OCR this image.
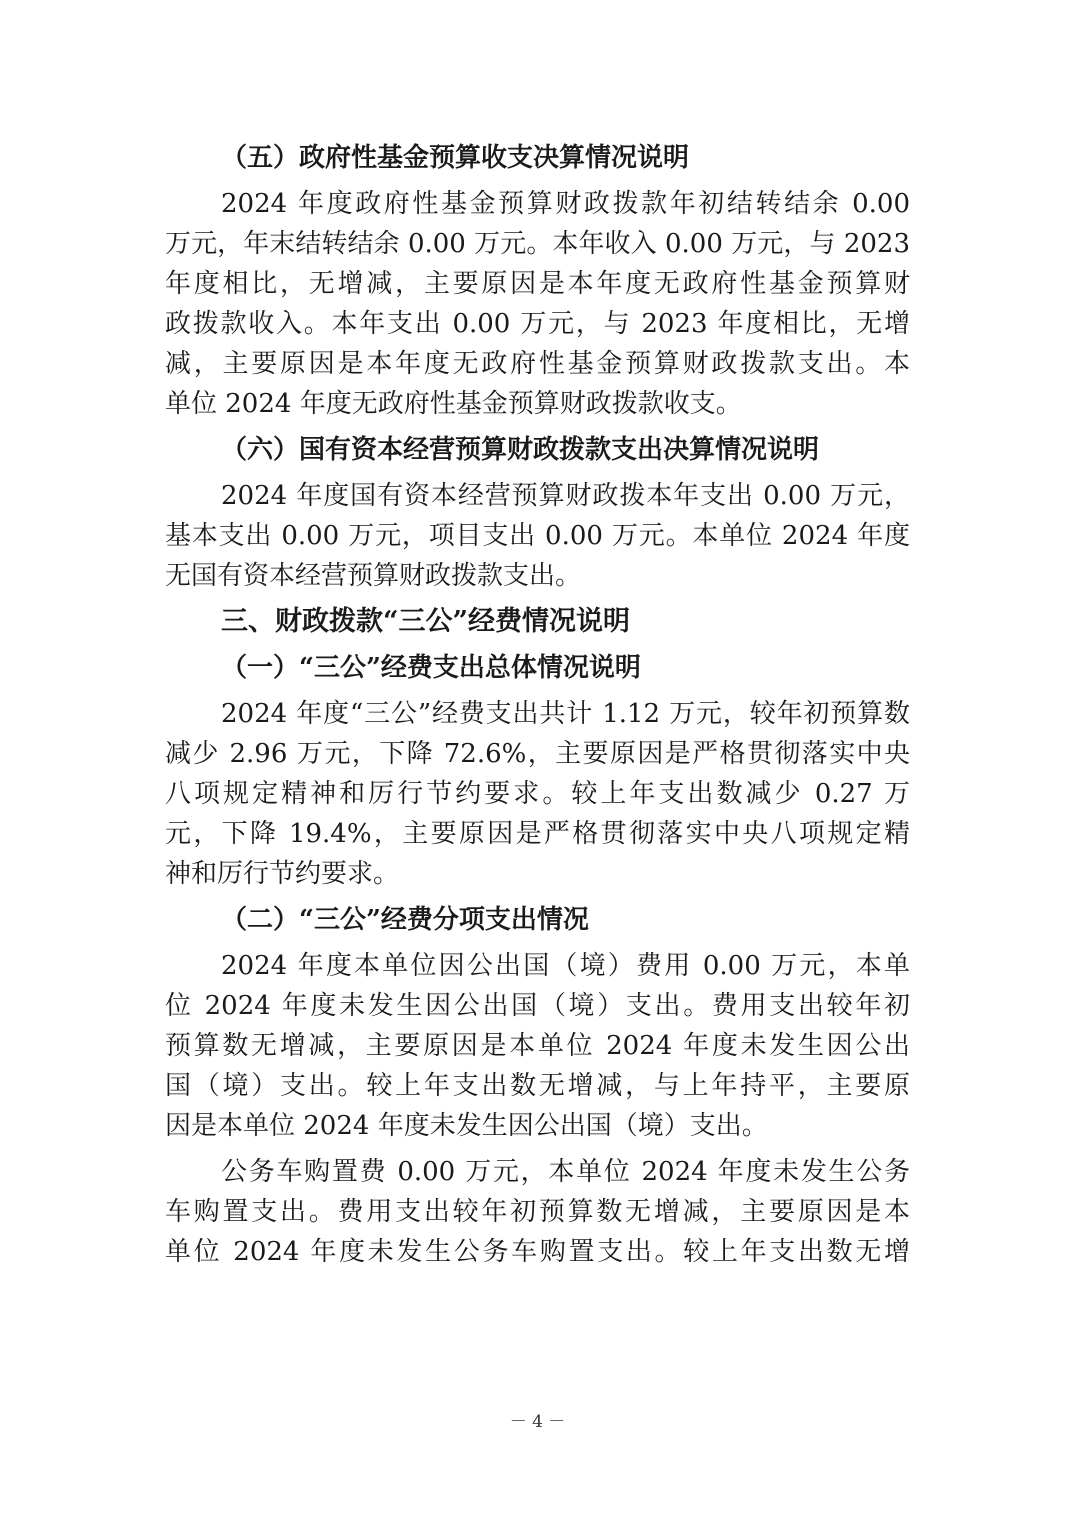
（五）政府性基金预算收支决算情况说明
2024 年度政府性基金预算财政拨款年初结转结余 0.00
万元，年末结转结余 0.00 万元。本年收入 0.00 万元，与 2023
年度相比，无增减，主要原因是本年度无政府性基金预算财
政拨款收入。本年支出 0.00 万元，与 2023 年度相比，无增
减，主要原因是本年度无政府性基金预算财政拨款支出。本
单位 2024 年度无政府性基金预算财政拨款收支。
（六）国有资本经营预算财政拨款支出决算情况说明
2024 年度国有资本经营预算财政拨本年支出 0.00 万元，
基本支出 0.00 万元，项目支出 0.00 万元。本单位 2024 年度
无国有资本经营预算财政拨款支出。
三、财政拨款“三公”经费情况说明
（一）“三公”经费支出总体情况说明
2024 年度“三公”经费支出共计 1.12 万元，较年初预算数
减少 2.96 万元，下降 72.6%，主要原因是严格贯彻落实中央
八项规定精神和厉行节约要求。较上年支出数减少 0.27 万
元，下降 19.4%，主要原因是严格贯彻落实中央八项规定精
神和厉行节约要求。
（二）“三公”经费分项支出情况
2024 年度本单位因公出国（境）费用 0.00 万元，本单
位 2024 年度未发生因公出国（境）支出。费用支出较年初
预算数无增减，主要原因是本单位 2024 年度未发生因公出
国（境）支出。较上年支出数无增减，与上年持平，主要原
因是本单位 2024 年度未发生因公出国（境）支出。
公务车购置费 0.00 万元，本单位 2024 年度未发生公务
车购置支出。费用支出较年初预算数无增减，主要原因是本
单位 2024 年度未发生公务车购置支出。较上年支出数无增
－ 4 －
